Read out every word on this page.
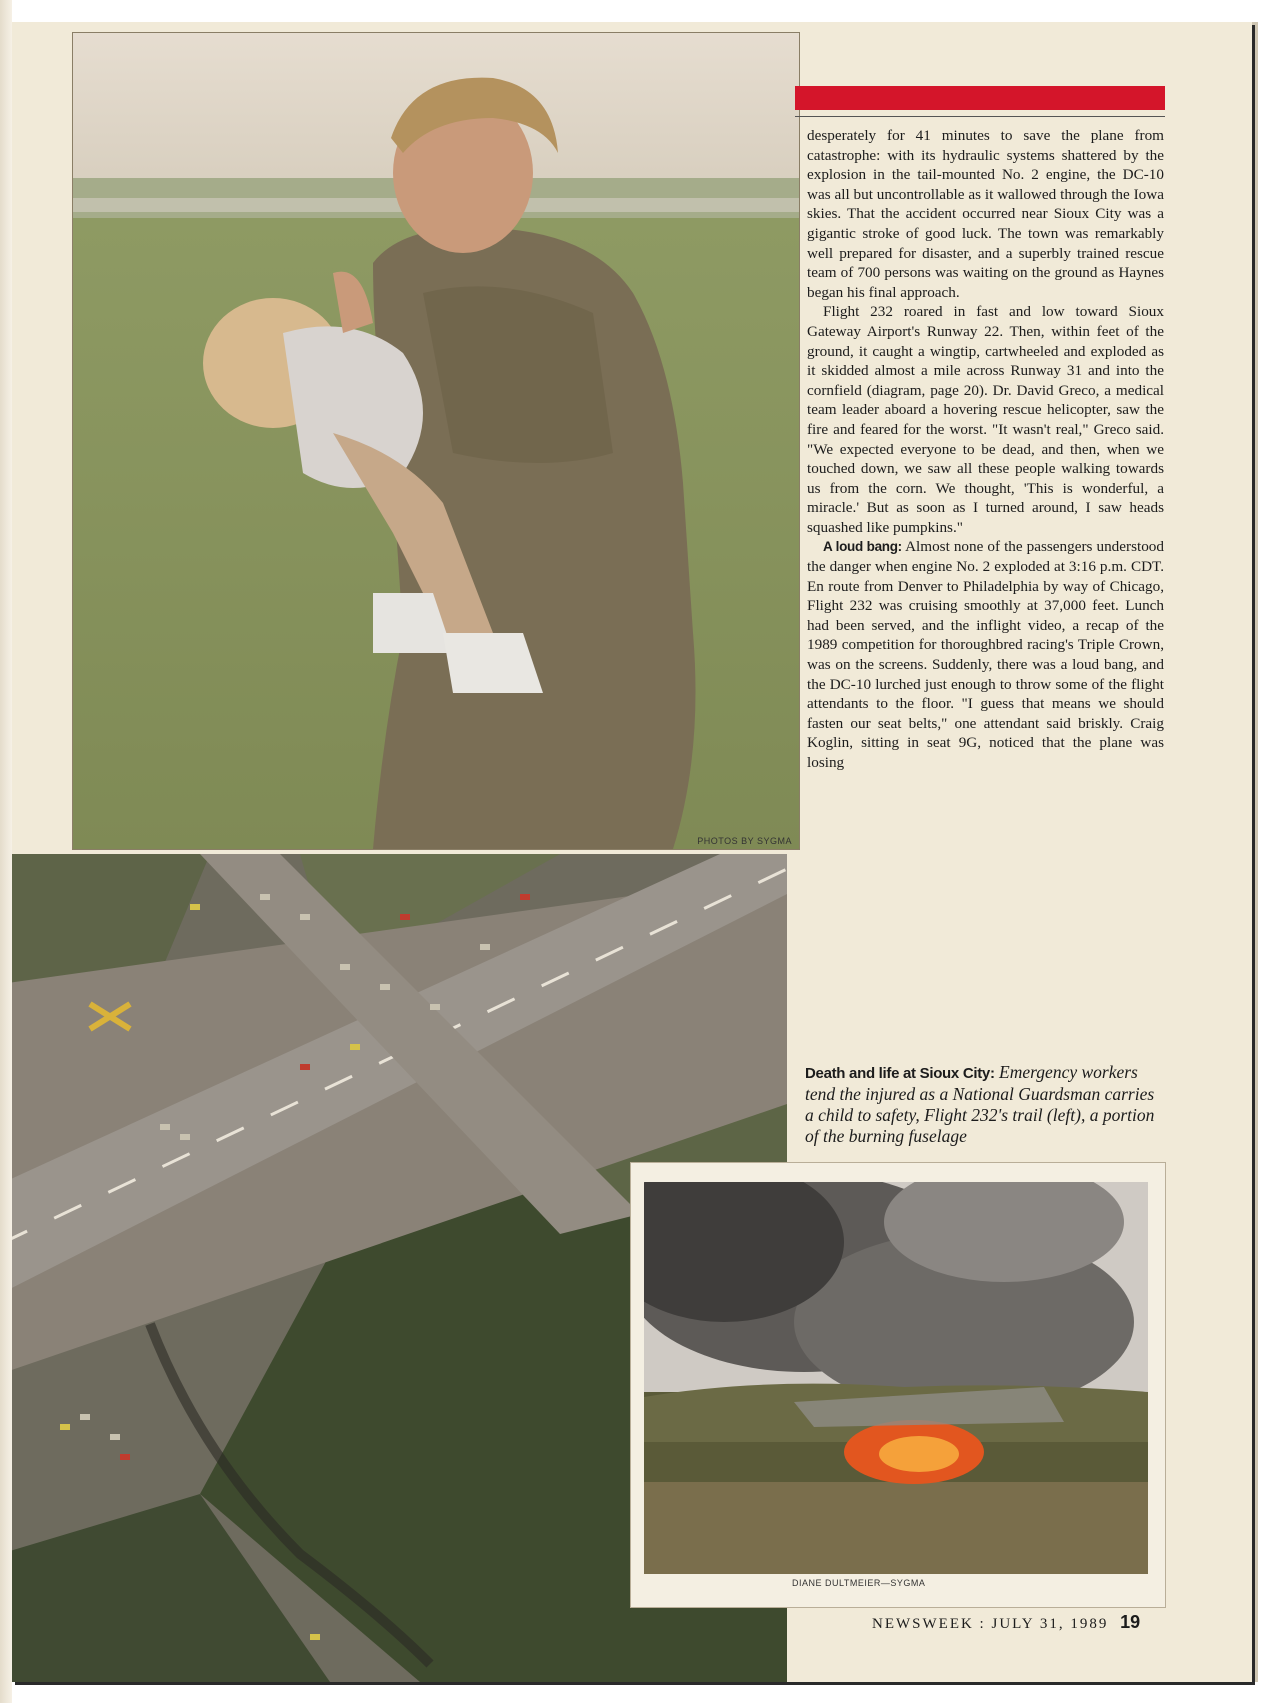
PHOTOS BY SYGMA
DIANE DULTMEIER—SYGMA

desperately for 41 minutes to save the plane from catastrophe: with its hydraulic systems shattered by the explosion in the tail-mounted No. 2 engine, the DC-10 was all but uncontrollable as it wallowed through the Iowa skies. That the accident occurred near Sioux City was a gigantic stroke of good luck. The town was remarkably well prepared for disaster, and a superbly trained rescue team of 700 persons was waiting on the ground as Haynes began his final approach.

Flight 232 roared in fast and low toward Sioux Gateway Airport's Runway 22. Then, within feet of the ground, it caught a wingtip, cartwheeled and exploded as it skidded almost a mile across Runway 31 and into the cornfield (diagram, page 20). Dr. David Greco, a medical team leader aboard a hovering rescue helicopter, saw the fire and feared for the worst. "It wasn't real," Greco said. "We expected everyone to be dead, and then, when we touched down, we saw all these people walking towards us from the corn. We thought, 'This is wonderful, a miracle.' But as soon as I turned around, I saw heads squashed like pumpkins."

A loud bang: Almost none of the passengers understood the danger when engine No. 2 exploded at 3:16 p.m. CDT. En route from Denver to Philadelphia by way of Chicago, Flight 232 was cruising smoothly at 37,000 feet. Lunch had been served, and the inflight video, a recap of the 1989 competition for thoroughbred racing's Triple Crown, was on the screens. Suddenly, there was a loud bang, and the DC-10 lurched just enough to throw some of the flight attendants to the floor. "I guess that means we should fasten our seat belts," one attendant said briskly. Craig Koglin, sitting in seat 9G, noticed that the plane was losing

Death and life at Sioux City: Emergency workers tend the injured as a National Guardsman carries a child to safety, Flight 232's trail (left), a portion of the burning fuselage
NEWSWEEK : JULY 31, 1989 19
